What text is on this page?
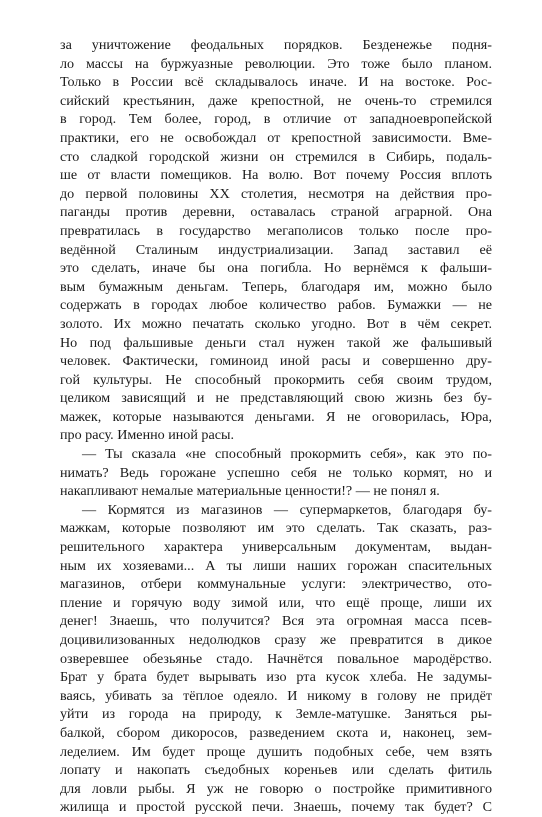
за уничтожение феодальных порядков. Безденежье подня-
ло массы на буржуазные революции. Это тоже было планом.
Только в России всё складывалось иначе. И на востоке. Рос-
сийский крестьянин, даже крепостной, не очень-то стремился
в город. Тем более, город, в отличие от западноевропейской
практики, его не освобождал от крепостной зависимости. Вме-
сто сладкой городской жизни он стремился в Сибирь, подаль-
ше от власти помещиков. На волю. Вот почему Россия вплоть
до первой половины XX столетия, несмотря на действия про-
паганды против деревни, оставалась страной аграрной. Она
превратилась в государство мегаполисов только после про-
ведённой Сталиным индустриализации. Запад заставил её
это сделать, иначе бы она погибла. Но вернёмся к фальши-
вым бумажным деньгам. Теперь, благодаря им, можно было
содержать в городах любое количество рабов. Бумажки — не
золото. Их можно печатать сколько угодно. Вот в чём секрет.
Но под фальшивые деньги стал нужен такой же фальшивый
человек. Фактически, гоминоид иной расы и совершенно дру-
гой культуры. Не способный прокормить себя своим трудом,
целиком зависящий и не представляющий свою жизнь без бу-
мажек, которые называются деньгами. Я не оговорилась, Юра,
про расу. Именно иной расы.
— Ты сказала «не способный прокормить себя», как это по-
нимать? Ведь горожане успешно себя не только кормят, но и
накапливают немалые материальные ценности!? — не понял я.
— Кормятся из магазинов — супермаркетов, благодаря бу-
мажкам, которые позволяют им это сделать. Так сказать, раз-
решительного характера универсальным документам, выдан-
ным их хозяевами... А ты лиши наших горожан спасительных
магазинов, отбери коммунальные услуги: электричество, ото-
пление и горячую воду зимой или, что ещё проще, лиши их
денег! Знаешь, что получится? Вся эта огромная масса псев-
доцивилизованных недолюдков сразу же превратится в дикое
озверевшее обезьянье стадо. Начнётся повальное мародёрство.
Брат у брата будет вырывать изо рта кусок хлеба. Не задумы-
ваясь, убивать за тёплое одеяло. И никому в голову не придёт
уйти из города на природу, к Земле-матушке. Заняться ры-
балкой, сбором дикоросов, разведением скота и, наконец, зем-
леделием. Им будет проще душить подобных себе, чем взять
лопату и накопать съедобных кореньев или сделать фитиль
для ловли рыбы. Я уж не говорю о постройке примитивного
жилища и простой русской печи. Знаешь, почему так будет? С
